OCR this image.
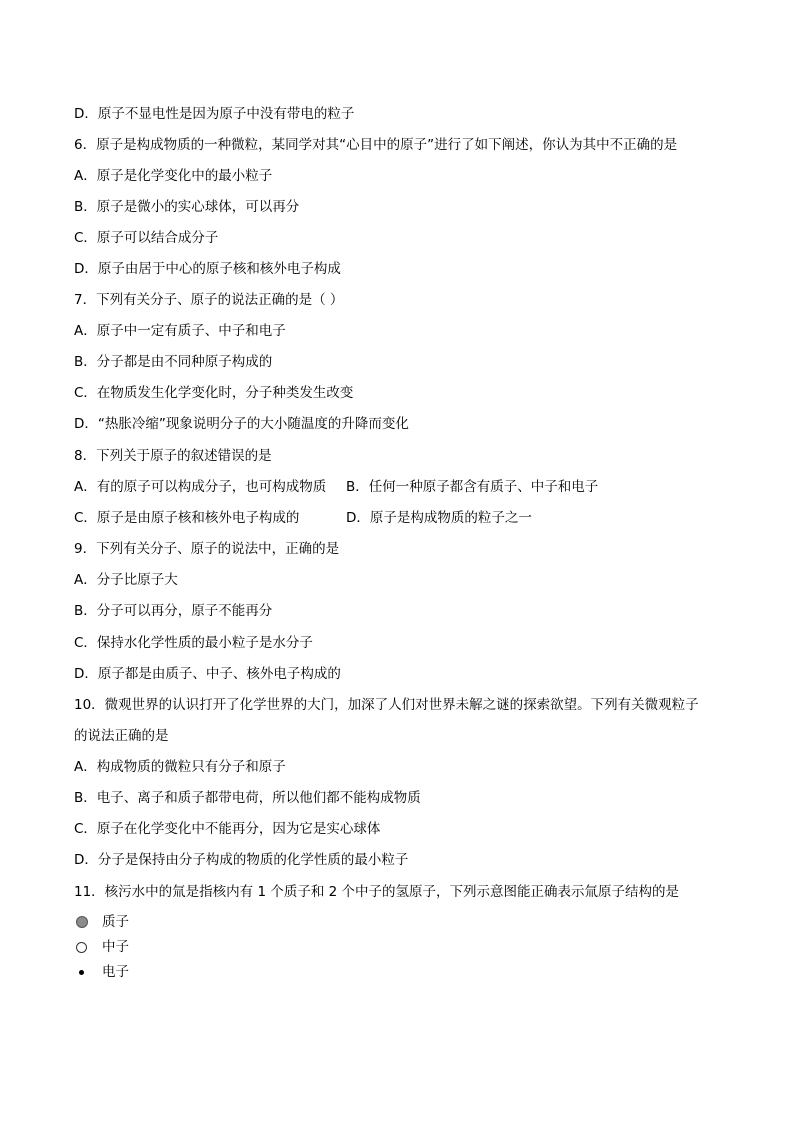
D．原子不显电性是因为原子中没有带电的粒子
6．原子是构成物质的一种微粒，某同学对其“心目中的原子”进行了如下阐述，你认为其中不正确的是
A．原子是化学变化中的最小粒子
B．原子是微小的实心球体，可以再分
C．原子可以结合成分子
D．原子由居于中心的原子核和核外电子构成
7．下列有关分子、原子的说法正确的是（ ）
A．原子中一定有质子、中子和电子
B．分子都是由不同种原子构成的
C．在物质发生化学变化时，分子种类发生改变
D．“热胀冷缩”现象说明分子的大小随温度的升降而变化
8．下列关于原子的叙述错误的是
A．有的原子可以构成分子，也可构成物质 B．任何一种原子都含有质子、中子和电子
C．原子是由原子核和核外电子构成的	D．原子是构成物质的粒子之一
9．下列有关分子、原子的说法中，正确的是
A．分子比原子大
B．分子可以再分，原子不能再分
C．保持水化学性质的最小粒子是水分子
D．原子都是由质子、中子、核外电子构成的
10．微观世界的认识打开了化学世界的大门，加深了人们对世界未解之谜的探索欲望。下列有关微观粒子
的说法正确的是
A．构成物质的微粒只有分子和原子
B．电子、离子和质子都带电荷，所以他们都不能构成物质
C．原子在化学变化中不能再分，因为它是实心球体
D．分子是保持由分子构成的物质的化学性质的最小粒子
11．核污水中的氚是指核内有 1 个质子和 2 个中子的氢原子，下列示意图能正确表示氚原子结构的是
质子
中子
电子
